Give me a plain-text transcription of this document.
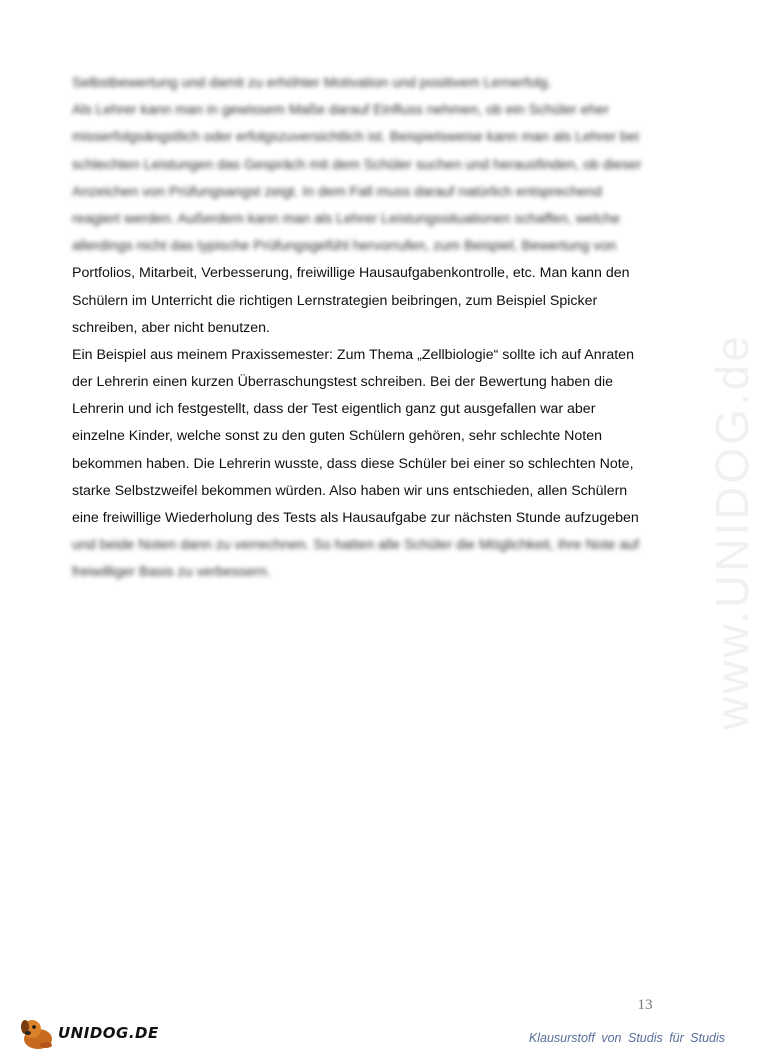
Selbstbewertung und damit zu erhöhter Motivation und positivem Lernerfolg.
Als Lehrer kann man in gewissem Maße darauf Einfluss nehmen, ob ein Schüler eher
misserfolgsängstlich oder erfolgszuversichtlich ist. Beispielsweise kann man als Lehrer bei
schlechten Leistungen das Gespräch mit dem Schüler suchen und herausfinden, ob dieser
Anzeichen von Prüfungsangst zeigt. In dem Fall muss darauf natürlich entsprechend
reagiert werden. Außerdem kann man als Lehrer Leistungssituationen schaffen, welche
allerdings nicht das typische Prüfungsgefühl hervorrufen, zum Beispiel, Bewertung von
Portfolios, Mitarbeit, Verbesserung, freiwillige Hausaufgabenkontrolle, etc. Man kann den
Schülern im Unterricht die richtigen Lernstrategien beibringen, zum Beispiel Spicker
schreiben, aber nicht benutzen.
Ein Beispiel aus meinem Praxissemester: Zum Thema „Zellbiologie“ sollte ich auf Anraten
der Lehrerin einen kurzen Überraschungstest schreiben. Bei der Bewertung haben die
Lehrerin und ich festgestellt, dass der Test eigentlich ganz gut ausgefallen war aber
einzelne Kinder, welche sonst zu den guten Schülern gehören, sehr schlechte Noten
bekommen haben. Die Lehrerin wusste, dass diese Schüler bei einer so schlechten Note,
starke Selbstzweifel bekommen würden. Also haben wir uns entschieden, allen Schülern
eine freiwillige Wiederholung des Tests als Hausaufgabe zur nächsten Stunde aufzugeben
und beide Noten dann zu verrechnen. So hatten alle Schüler die Möglichkeit, ihre Note auf
freiwilliger Basis zu verbessern.	www.UNIDOG.de
13
UNIDOG.DE	Klausurstoff von Studis für Studis
